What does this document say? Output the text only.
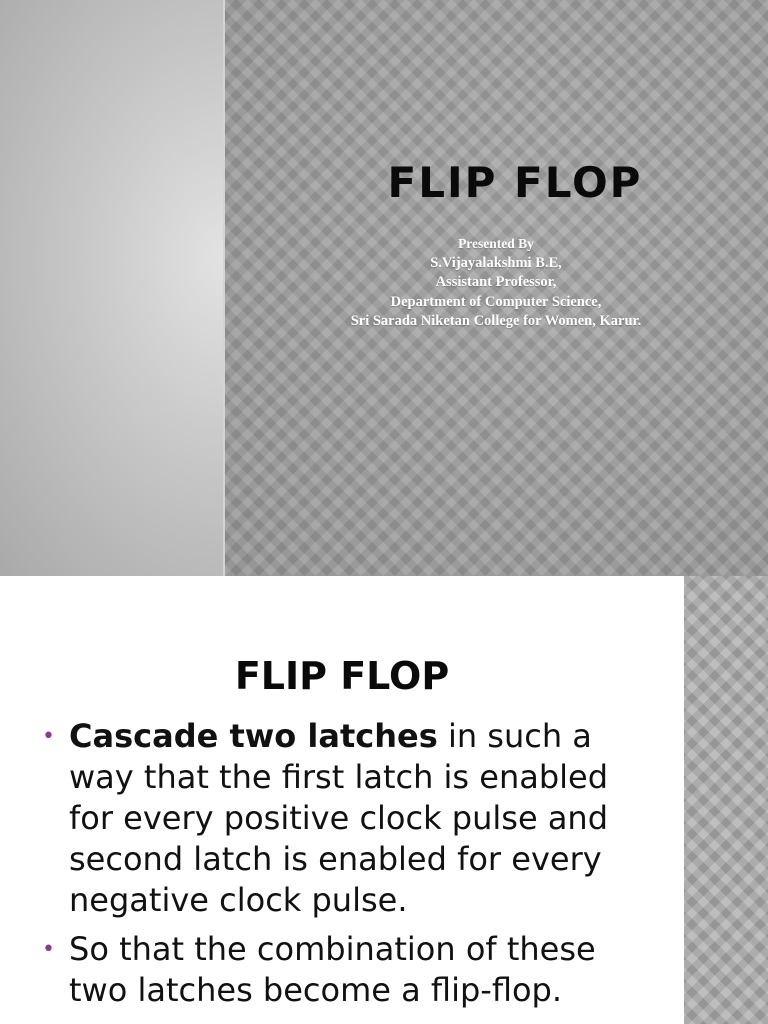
FLIP FLOP
Presented By
S.Vijayalakshmi B.E,
Assistant Professor,
Department of Computer Science,
Sri Sarada Niketan College for Women, Karur.
FLIP FLOP
• Cascade two latches in such a way that the first latch is enabled for every positive clock pulse and second latch is enabled for every negative clock pulse.
• So that the combination of these two latches become a flip-flop.
